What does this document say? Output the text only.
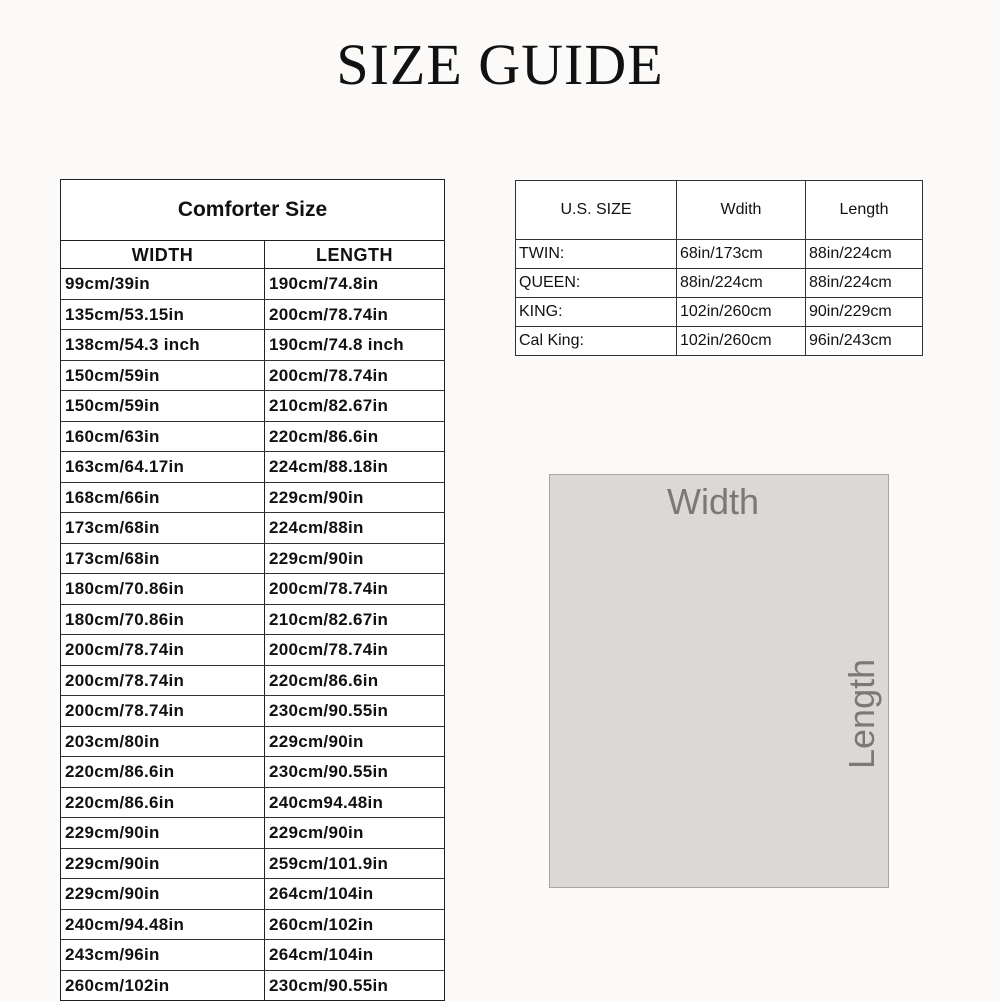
SIZE GUIDE
Comforter Size
WIDTH	LENGTH
99cm/39in	190cm/74.8in
135cm/53.15in	200cm/78.74in
138cm/54.3 inch	190cm/74.8 inch
150cm/59in	200cm/78.74in
150cm/59in	210cm/82.67in
160cm/63in	220cm/86.6in
163cm/64.17in	224cm/88.18in
168cm/66in	229cm/90in
173cm/68in	224cm/88in
173cm/68in	229cm/90in
180cm/70.86in	200cm/78.74in
180cm/70.86in	210cm/82.67in
200cm/78.74in	200cm/78.74in
200cm/78.74in	220cm/86.6in
200cm/78.74in	230cm/90.55in
203cm/80in	229cm/90in
220cm/86.6in	230cm/90.55in
220cm/86.6in	240cm94.48in
229cm/90in	229cm/90in
229cm/90in	259cm/101.9in
229cm/90in	264cm/104in
240cm/94.48in	260cm/102in
243cm/96in	264cm/104in
260cm/102in	230cm/90.55in
U.S. SIZE	Wdith	Length
TWIN:	68in/173cm	88in/224cm
QUEEN:	88in/224cm	88in/224cm
KING:	102in/260cm	90in/229cm
Cal King:	102in/260cm	96in/243cm
Width
Length
